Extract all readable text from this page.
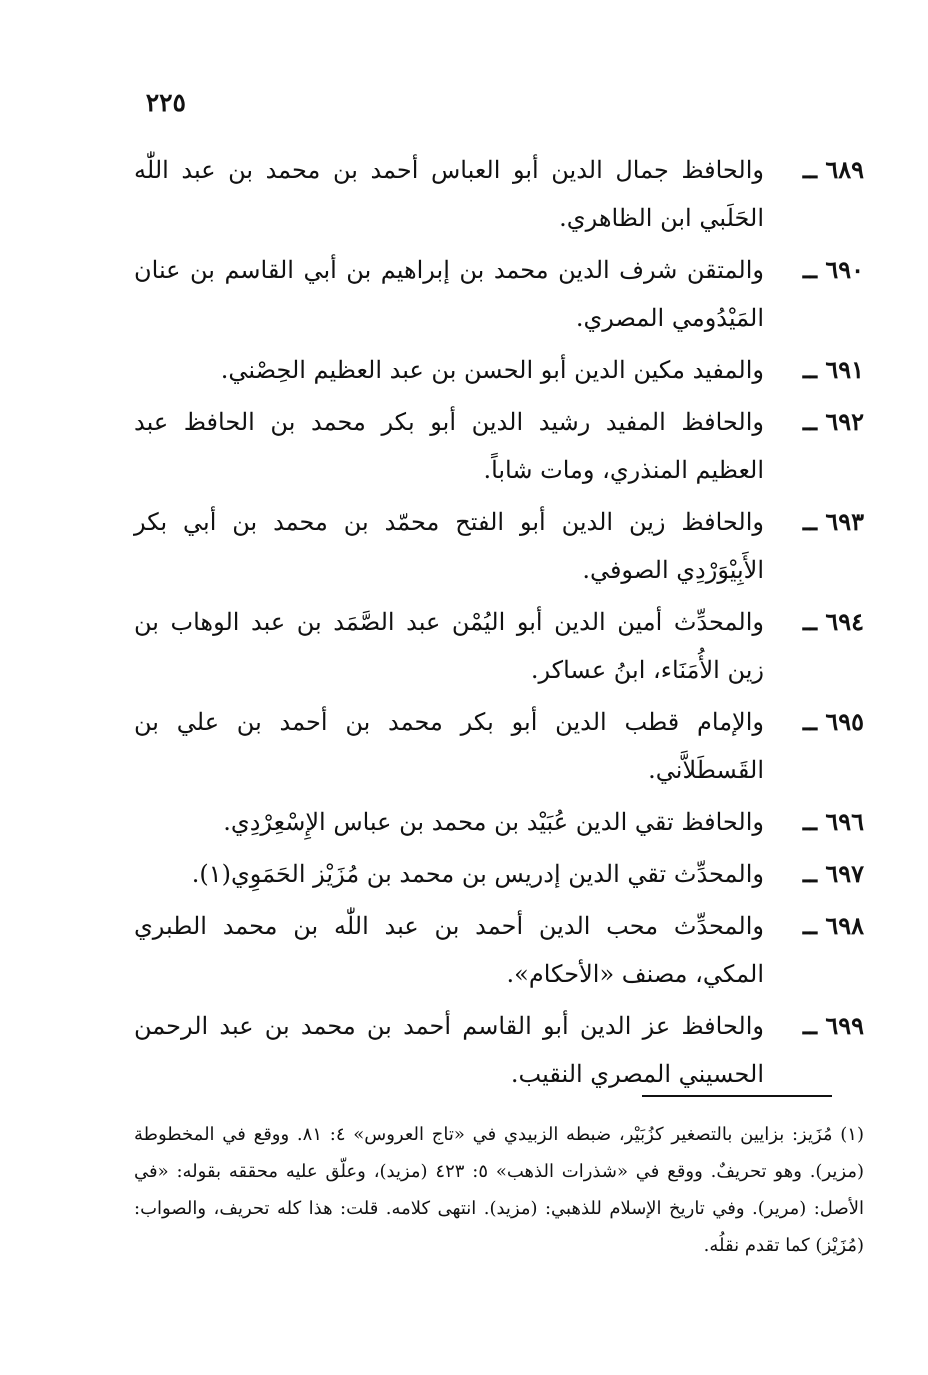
٢٢٥
٦٨٩ ــ
والحافظ جمال الدين أبو العباس أحمد بن محمد بن عبد اللّٰه الحَلَبي ابن الظاهري.
٦٩٠ ــ
والمتقن شرف الدين محمد بن إبراهيم بن أبي القاسم بن عنان المَيْدُومي المصري.
٦٩١ ــ
والمفيد مكين الدين أبو الحسن بن عبد العظيم الحِصْني.
٦٩٢ ــ
والحافظ المفيد رشيد الدين أبو بكر محمد بن الحافظ عبد العظيم المنذري، ومات شاباً.
٦٩٣ ــ
والحافظ زين الدين أبو الفتح محمّد بن محمد بن أبي بكر الأَبِيْوَرْدِي الصوفي.
٦٩٤ ــ
والمحدِّث أمين الدين أبو اليُمْن عبد الصَّمَد بن عبد الوهاب بن زين الأُمَنَاء، ابنُ عساكر.
٦٩٥ ــ
والإمام قطب الدين أبو بكر محمد بن أحمد بن علي بن القَسطَلاَّني.
٦٩٦ ــ
والحافظ تقي الدين عُبَيْد بن محمد بن عباس الإِسْعِرْدِي.
٦٩٧ ــ
والمحدِّث تقي الدين إدريس بن محمد بن مُزَيْز الحَمَوِي(١).
٦٩٨ ــ
والمحدِّث محب الدين أحمد بن عبد اللّٰه بن محمد الطبري المكي، مصنف «الأحكام».
٦٩٩ ــ
والحافظ عز الدين أبو القاسم أحمد بن محمد بن عبد الرحمن الحسيني المصري النقيب.
(١) مُزَيز: بزايين بالتصغير كزُبَيْر، ضبطه الزبيدي في «تاج العروس» ٤: ٨١. ووقع في المخطوطة (مزير). وهو تحريفٌ. ووقع في «شذرات الذهب» ٥: ٤٢٣ (مزيد)، وعلّق عليه محققه بقوله: «في الأصل: (مرير). وفي تاريخ الإسلام للذهبي: (مزيد). انتهى كلامه. قلت: هذا كله تحريف، والصواب: (مُزَيْز) كما تقدم نقلُه.
